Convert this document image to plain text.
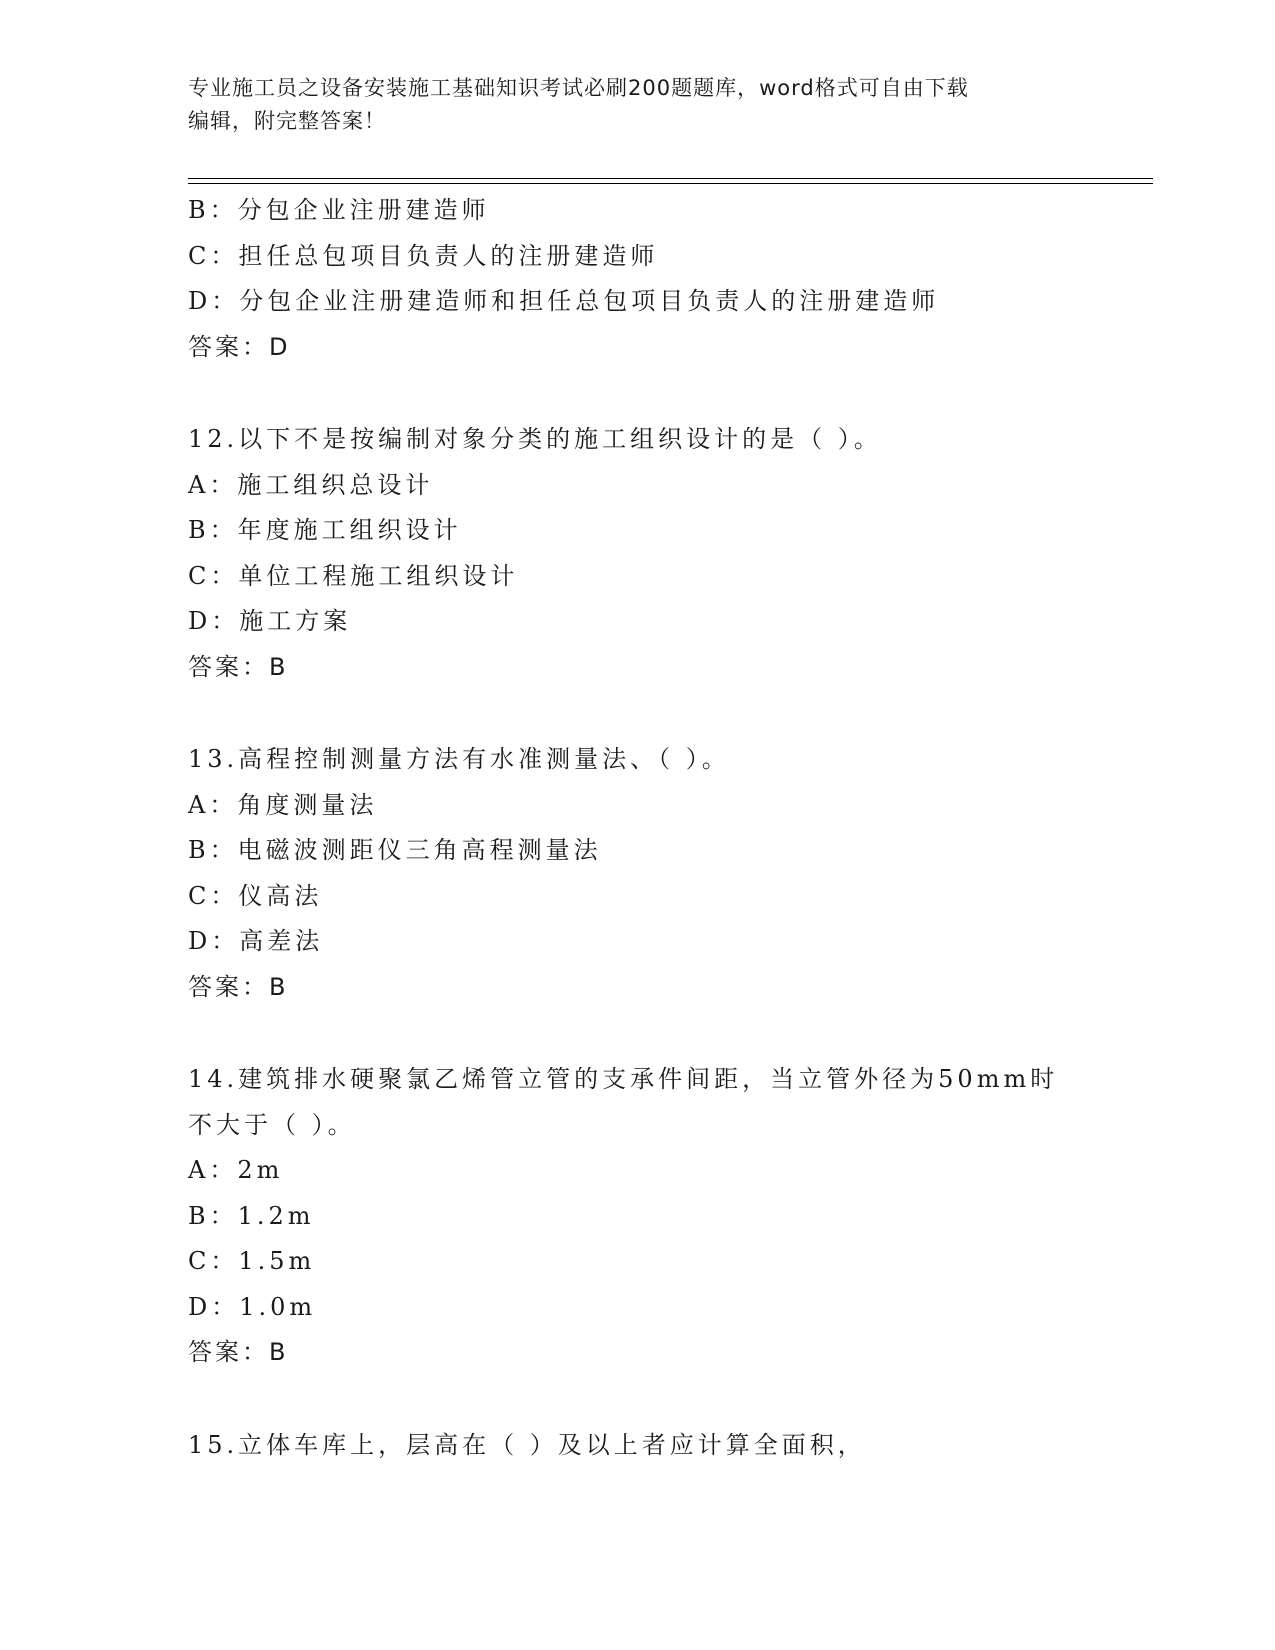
专业施工员之设备安装施工基础知识考试必刷200题题库，word格式可自由下载
编辑，附完整答案！
B：分包企业注册建造师
C：担任总包项目负责人的注册建造师
D：分包企业注册建造师和担任总包项目负责人的注册建造师
答案：D
12.以下不是按编制对象分类的施工组织设计的是（ ）。
A：施工组织总设计
B：年度施工组织设计
C：单位工程施工组织设计
D：施工方案
答案：B
13.高程控制测量方法有水准测量法、（ ）。
A：角度测量法
B：电磁波测距仪三角高程测量法
C：仪高法
D：高差法
答案：B
14.建筑排水硬聚氯乙烯管立管的支承件间距，当立管外径为50mm时
不大于（ ）。
A：2m
B：1.2m
C：1.5m
D：1.0m
答案：B
15.立体车库上，层高在（ ）及以上者应计算全面积，
